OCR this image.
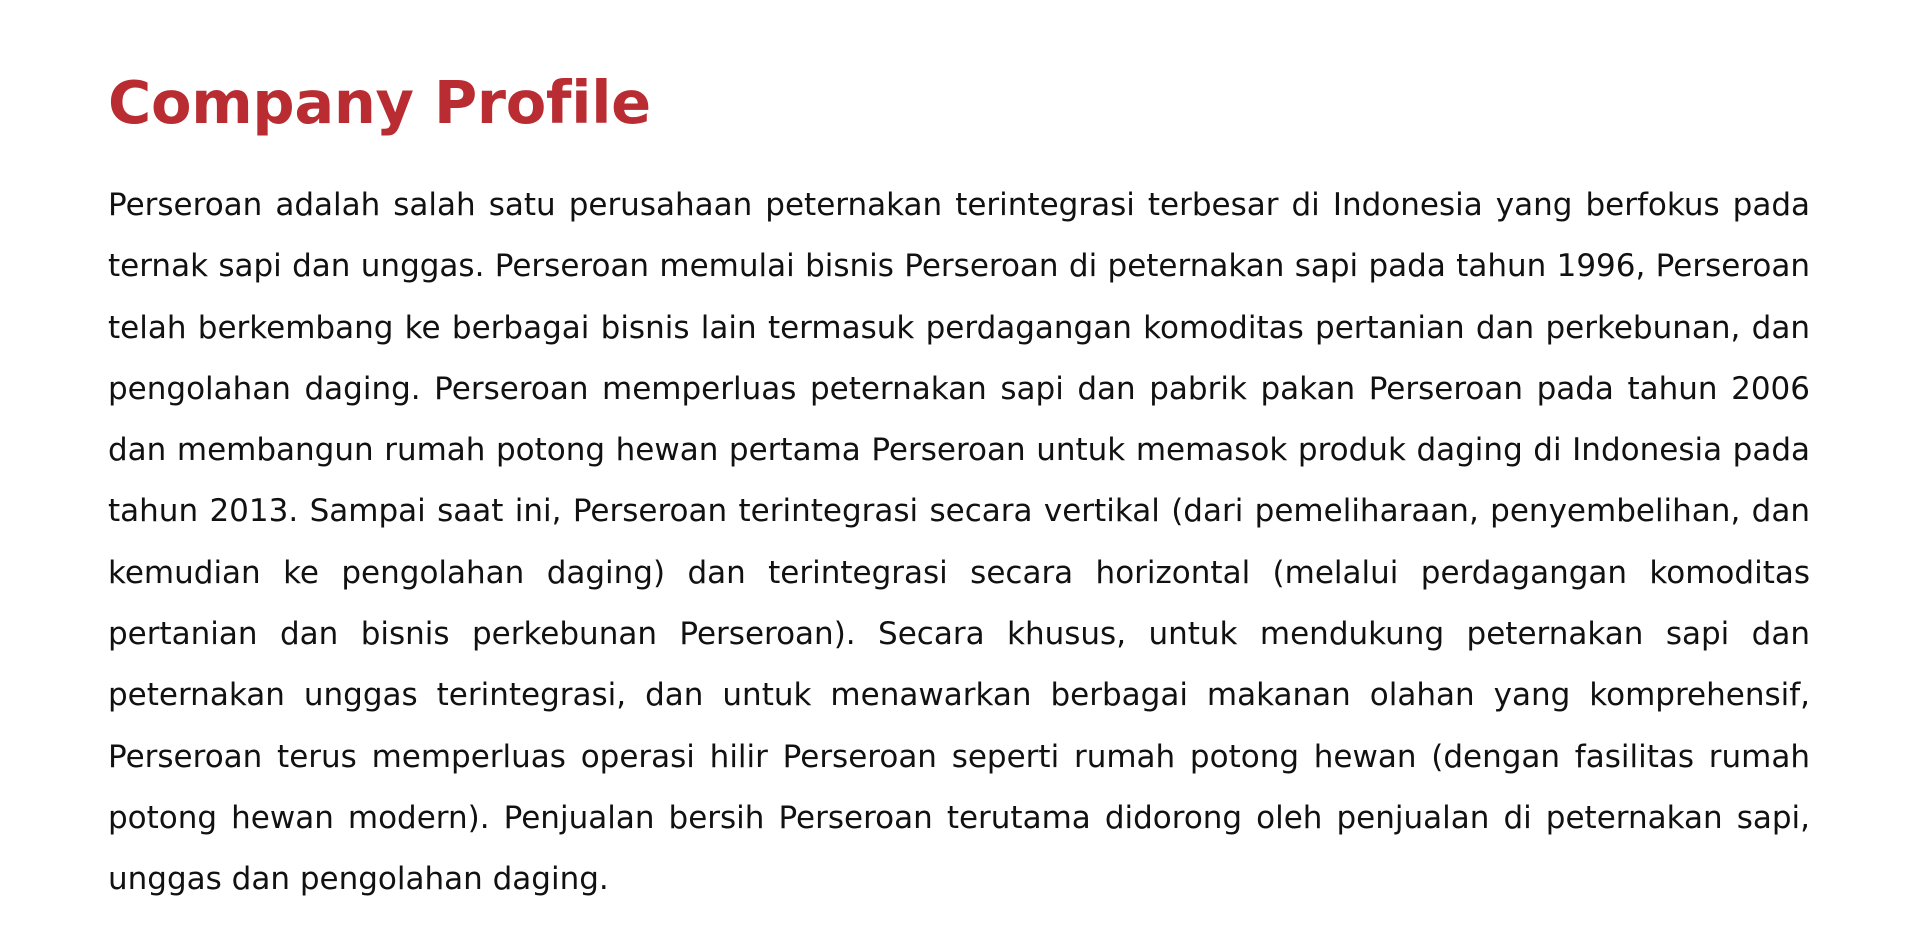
Company Profile

Perseroan adalah salah satu perusahaan peternakan terintegrasi terbesar di Indonesia yang berfokus pada ternak sapi dan unggas. Perseroan memulai bisnis Perseroan di peternakan sapi pada tahun 1996, Perseroan telah berkembang ke berbagai bisnis lain termasuk perdagangan komoditas pertanian dan perkebunan, dan pengolahan daging. Perseroan memperluas peternakan sapi dan pabrik pakan Perseroan pada tahun 2006 dan membangun rumah potong hewan pertama Perseroan untuk memasok produk daging di Indonesia pada tahun 2013. Sampai saat ini, Perseroan terintegrasi secara vertikal (dari pemeliharaan, penyembelihan, dan kemudian ke pengolahan daging) dan terintegrasi secara horizontal (melalui perdagangan komoditas pertanian dan bisnis perkebunan Perseroan). Secara khusus, untuk mendukung peternakan sapi dan peternakan unggas terintegrasi, dan untuk menawarkan berbagai makanan olahan yang komprehensif, Perseroan terus memperluas operasi hilir Perseroan seperti rumah potong hewan (dengan fasilitas rumah potong hewan modern). Penjualan bersih Perseroan terutama didorong oleh penjualan di peternakan sapi, unggas dan pengolahan daging.
